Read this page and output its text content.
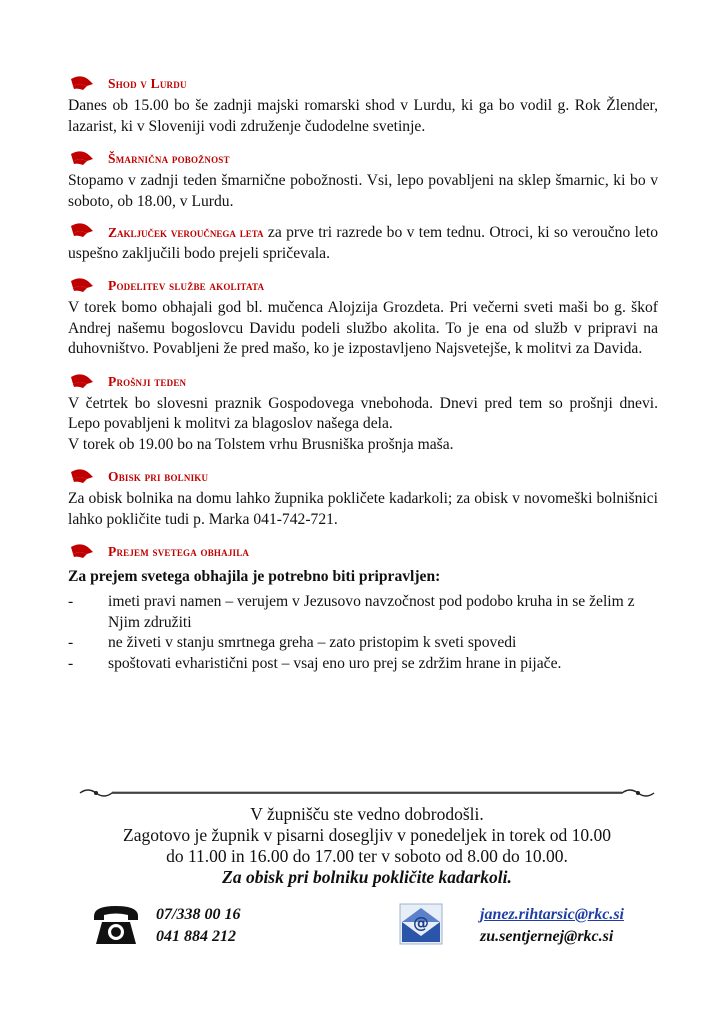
Shod v Lurdu

Danes ob 15.00 bo še zadnji majski romarski shod v Lurdu, ki ga bo vodil g. Rok Žlender, lazarist, ki v Sloveniji vodi združenje čudodelne svetinje.

Šmarnična pobožnost

Stopamo v zadnji teden šmarnične pobožnosti. Vsi, lepo povabljeni na sklep šmarnic, ki bo v soboto, ob 18.00, v Lurdu.

Zaključek veroučnega leta za prve tri razrede bo v tem tednu. Otroci, ki so veroučno leto uspešno zaključili bodo prejeli spričevala.

Podelitev službe akolitata

V torek bomo obhajali god bl. mučenca Alojzija Grozdeta. Pri večerni sveti maši bo g. škof Andrej našemu bogoslovcu Davidu podeli službo akolita. To je ena od služb v pripravi na duhovništvo. Povabljeni že pred mašo, ko je izpostavljeno Najsvetejše, k molitvi za Davida.

Prošnji teden

V četrtek bo slovesni praznik Gospodovega vnebohoda. Dnevi pred tem so prošnji dnevi. Lepo povabljeni k molitvi za blagoslov našega dela.

V torek ob 19.00 bo na Tolstem vrhu Brusniška prošnja maša.

Obisk pri bolniku

Za obisk bolnika na domu lahko župnika pokličete kadarkoli; za obisk v novomeški bolnišnici lahko pokličite tudi p. Marka 041-742-721.

Prejem svetega obhajila
Za prejem svetega obhajila je potrebno biti pripravljen:
- imeti pravi namen – verujem v Jezusovo navzočnost pod podobo kruha in se želim z Njim združiti
- ne živeti v stanju smrtnega greha – zato pristopim k sveti spovedi
- spoštovati evharistični post – vsaj eno uro prej se zdržim hrane in pijače.
V župnišču ste vedno dobrodošli.
Zagotovo je župnik v pisarni dosegljiv v ponedeljek in torek od 10.00
do 11.00 in 16.00 do 17.00 ter v soboto od 8.00 do 10.00.
Za obisk pri bolniku pokličite kadarkoli.
07/338 00 16
041 884 212
@	janez.rihtarsic@rkc.si
zu.sentjernej@rkc.si
